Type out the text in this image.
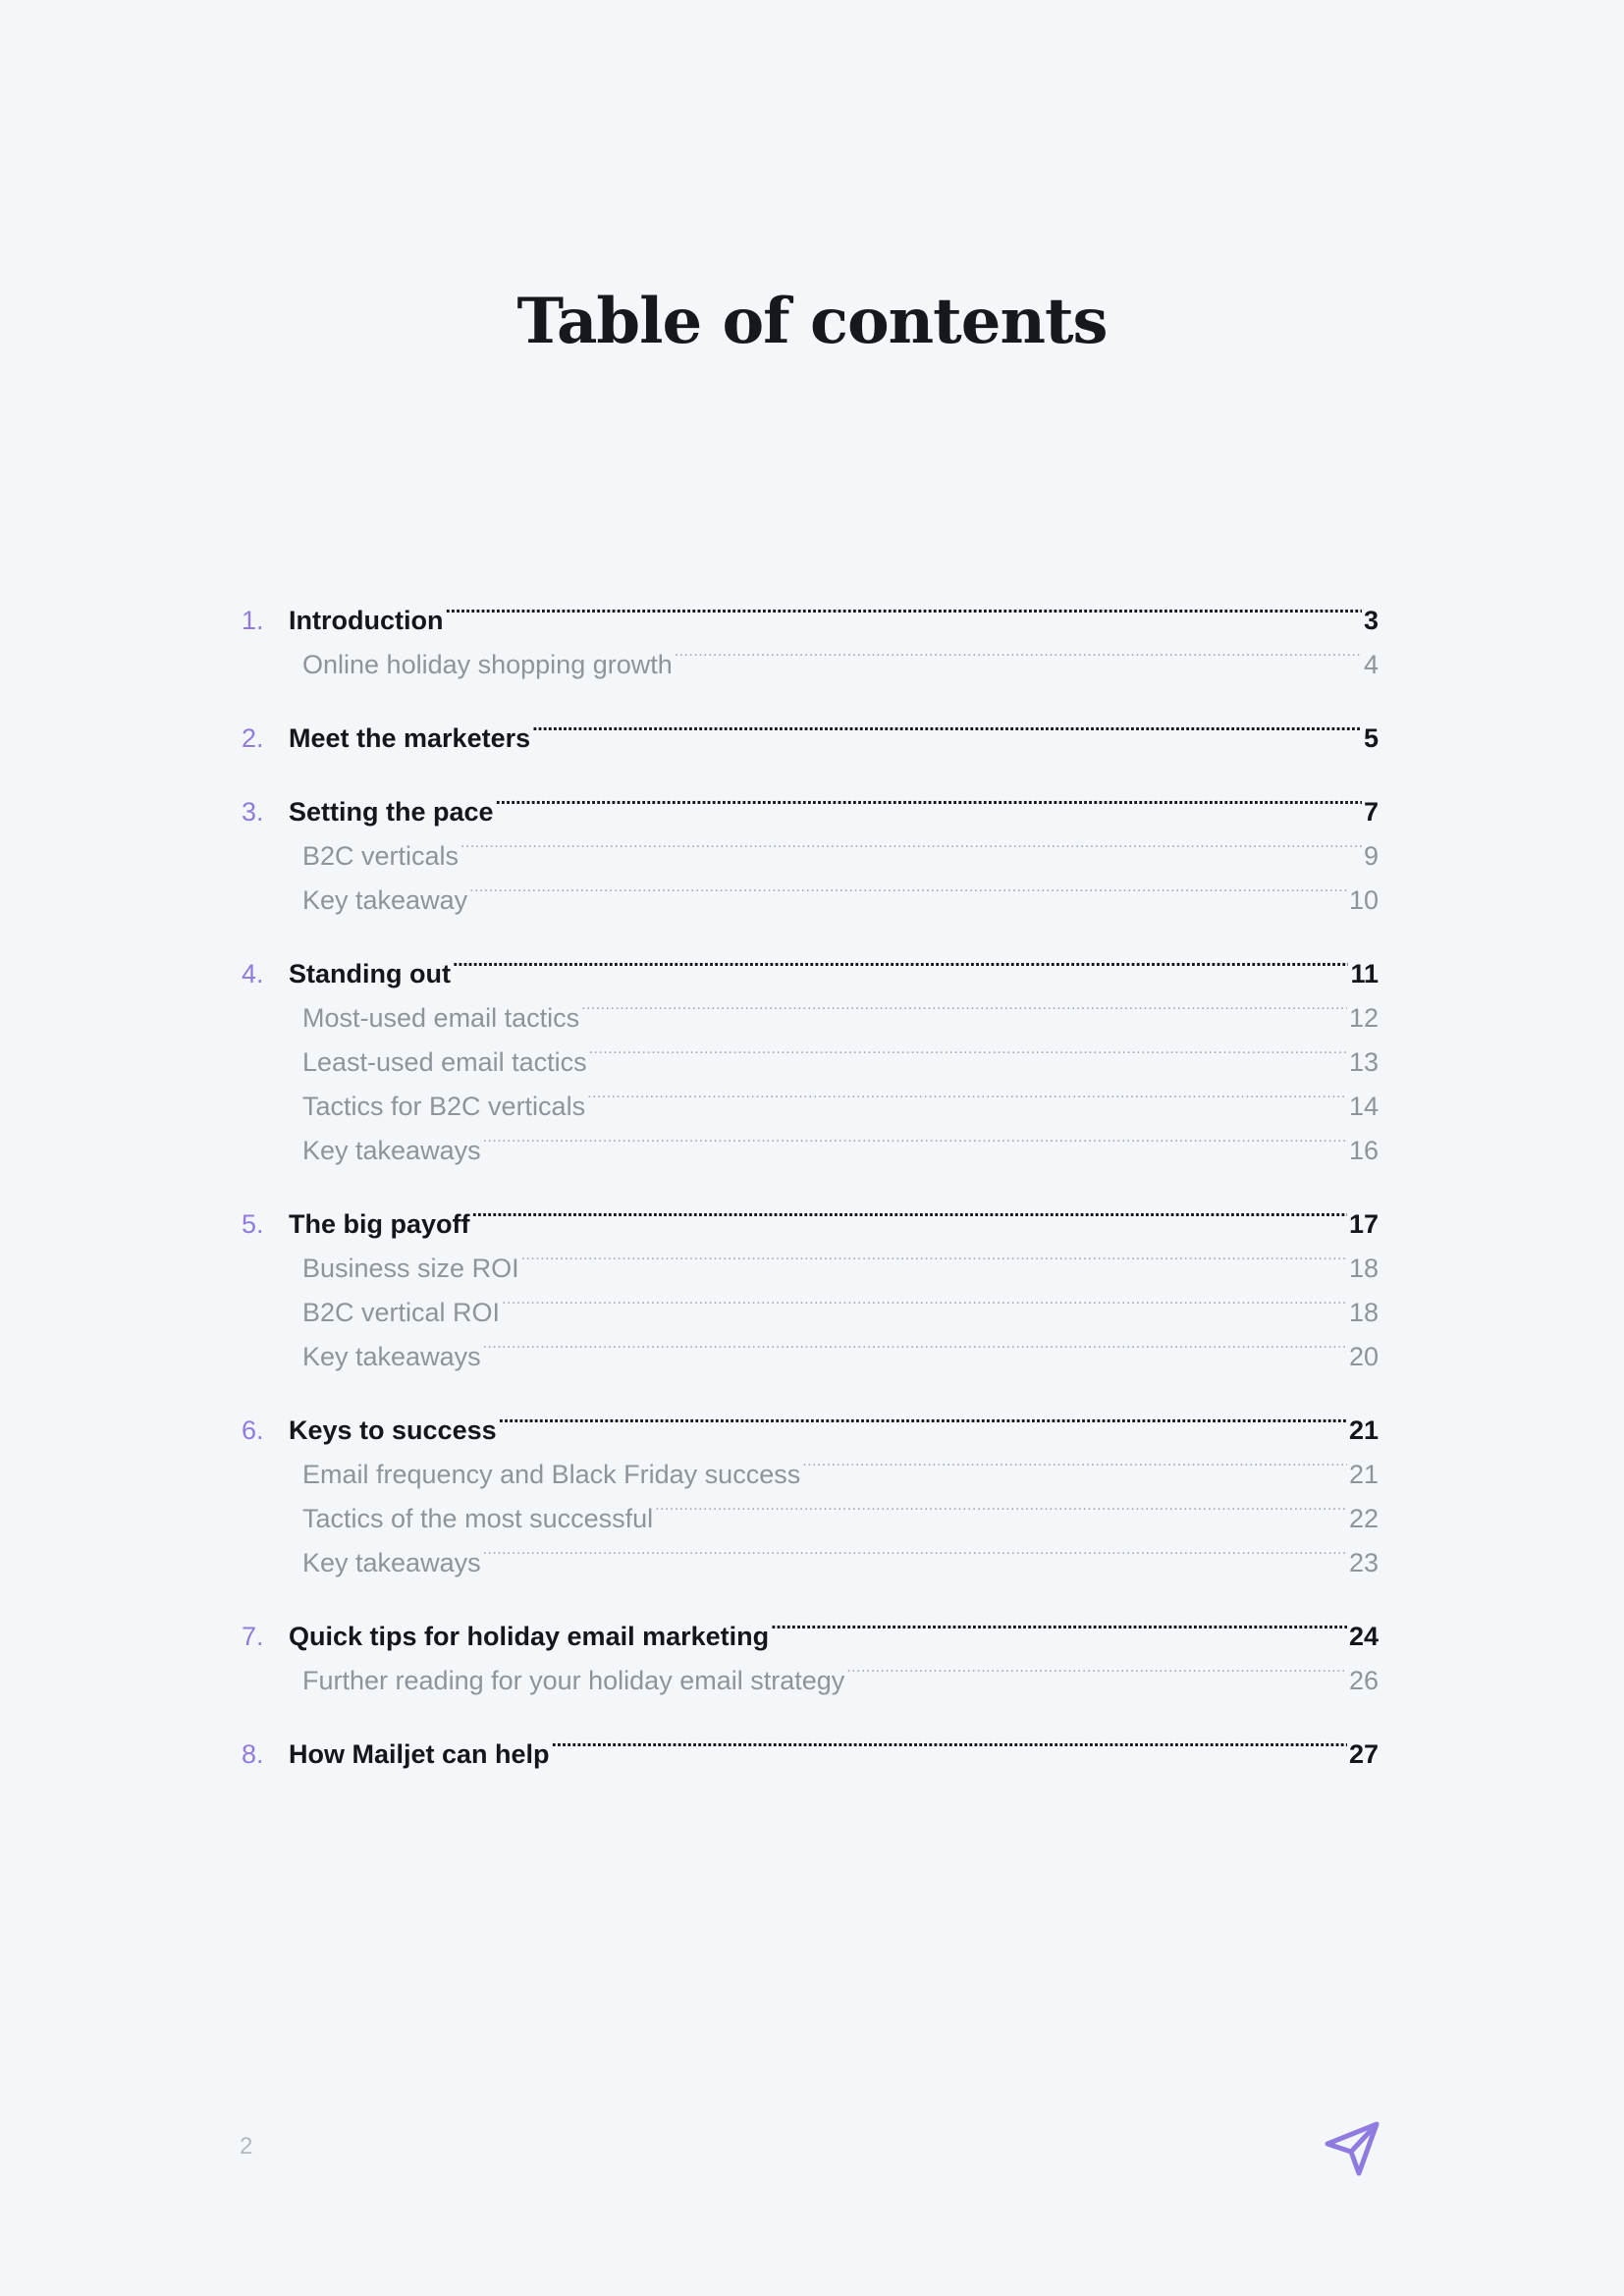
Table of contents
1. Introduction . . .	3
Online holiday shopping growth . . .	4
2. Meet the marketers . . .	5
3. Setting the pace . . .	7
B2C verticals . . .	9
Key takeaway . . .	10
4. Standing out . . .	11
Most-used email tactics . . .	12
Least-used email tactics . . .	13
Tactics for B2C verticals . . .	14
Key takeaways . . .	16
5. The big payoff . . .	17
Business size ROI . . .	18
B2C vertical ROI . . .	18
Key takeaways . . .	20
6. Keys to success . . .	21
Email frequency and Black Friday success . . .	21
Tactics of the most successful . . .	22
Key takeaways . . .	23
7. Quick tips for holiday email marketing . . .	24
Further reading for your holiday email strategy . . .	26
8. How Mailjet can help . . .	27
2
